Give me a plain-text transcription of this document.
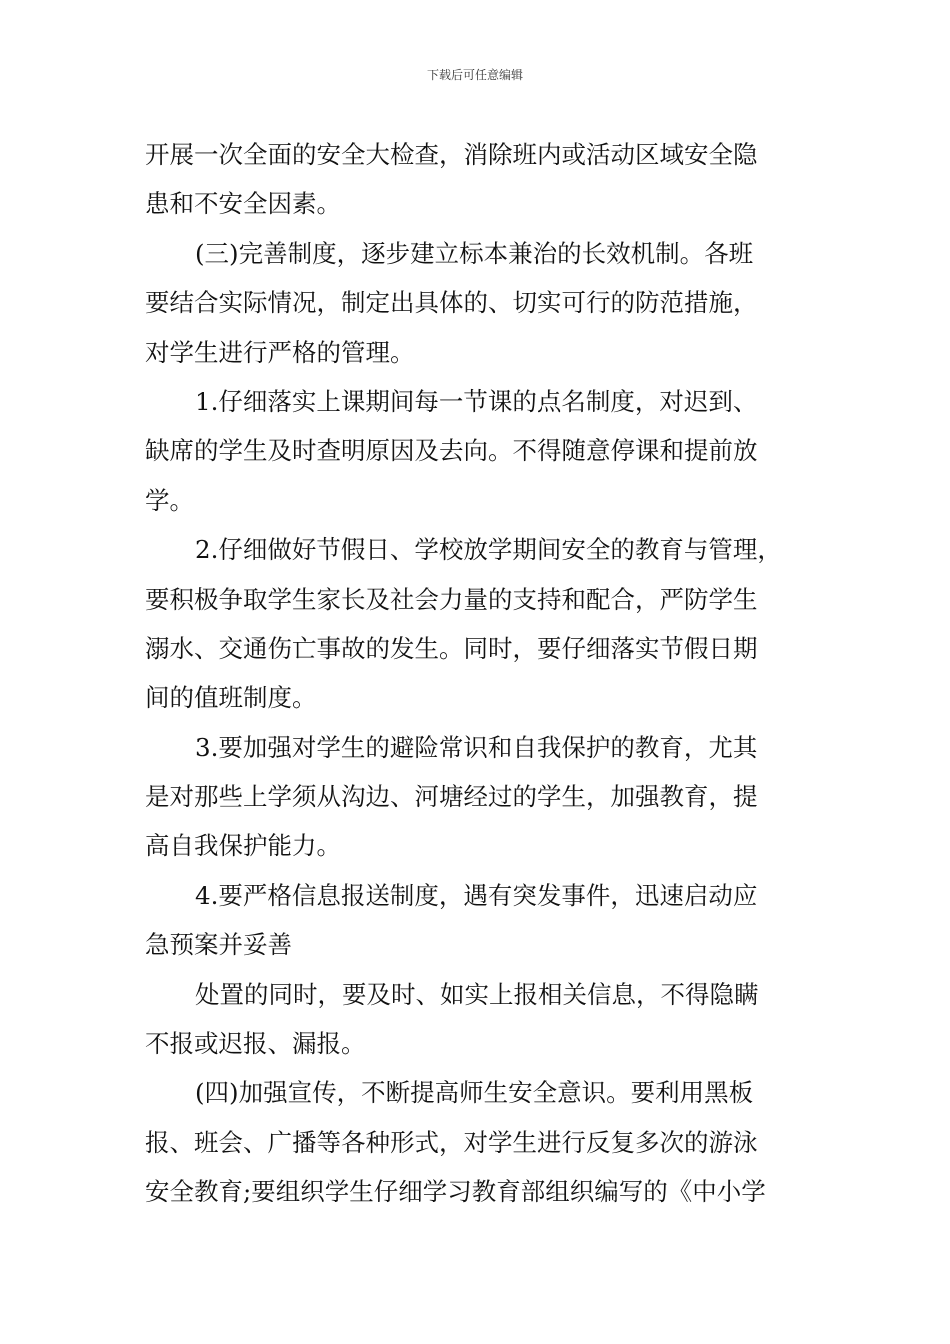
下载后可任意编辑
开展一次全面的安全大检查，消除班内或活动区域安全隐
患和不安全因素。
(三)完善制度，逐步建立标本兼治的长效机制。各班
要结合实际情况，制定出具体的、切实可行的防范措施，
对学生进行严格的管理。
1.仔细落实上课期间每一节课的点名制度，对迟到、
缺席的学生及时查明原因及去向。不得随意停课和提前放
学。
2.仔细做好节假日、学校放学期间安全的教育与管理，
要积极争取学生家长及社会力量的支持和配合，严防学生
溺水、交通伤亡事故的发生。同时，要仔细落实节假日期
间的值班制度。
3.要加强对学生的避险常识和自我保护的教育，尤其
是对那些上学须从沟边、河塘经过的学生，加强教育，提
高自我保护能力。
4.要严格信息报送制度，遇有突发事件，迅速启动应
急预案并妥善
处置的同时，要及时、如实上报相关信息，不得隐瞒
不报或迟报、漏报。
(四)加强宣传，不断提高师生安全意识。要利用黑板
报、班会、广播等各种形式，对学生进行反复多次的游泳
安全教育;要组织学生仔细学习教育部组织编写的《中小学
